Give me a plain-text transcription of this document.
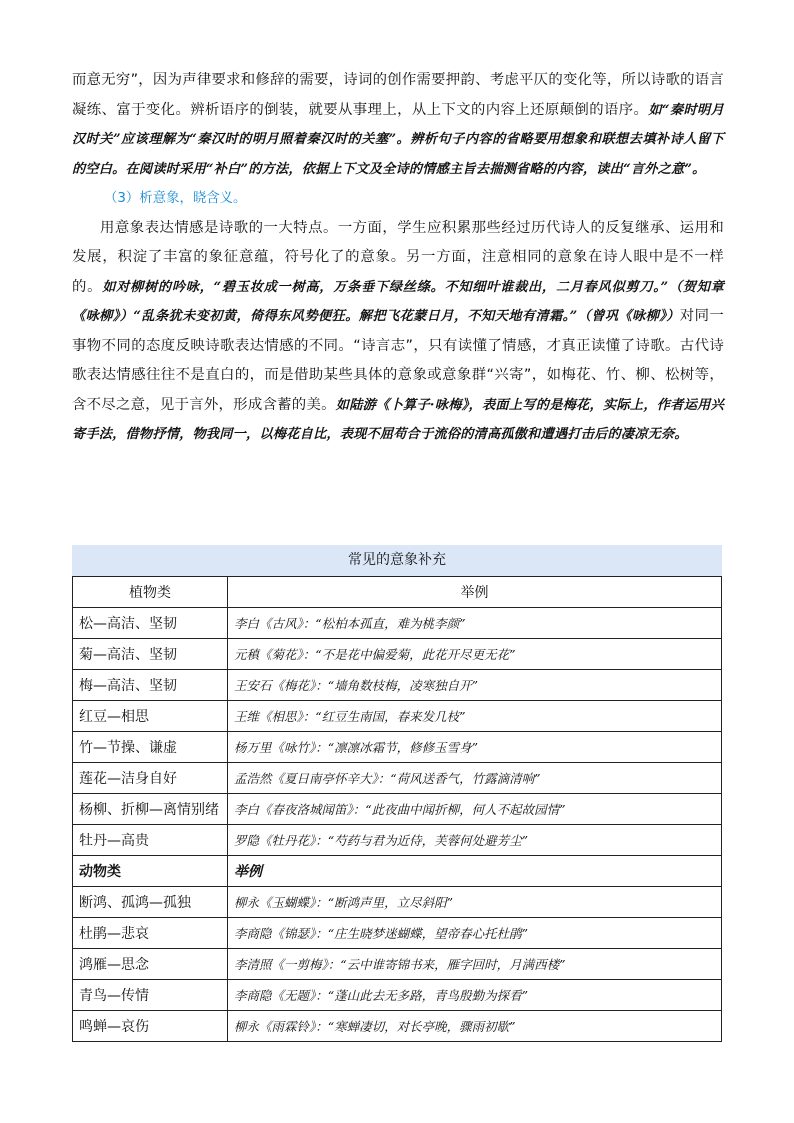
而意无穷”，因为声律要求和修辞的需要，诗词的创作需要押韵、考虑平仄的变化等，所以诗歌的语言凝练、富于变化。辨析语序的倒装，就要从事理上，从上下文的内容上还原颠倒的语序。如“秦时明月汉时关”应该理解为“秦汉时的明月照着秦汉时的关塞”。辨析句子内容的省略要用想象和联想去填补诗人留下的空白。在阅读时采用“补白”的方法，依据上下文及全诗的情感主旨去揣测省略的内容，读出“言外之意”。

（3）析意象，晓含义。

用意象表达情感是诗歌的一大特点。一方面，学生应积累那些经过历代诗人的反复继承、运用和发展，积淀了丰富的象征意蕴，符号化了的意象。另一方面，注意相同的意象在诗人眼中是不一样的。如对柳树的吟咏，“碧玉妆成一树高，万条垂下绿丝绦。不知细叶谁裁出，二月春风似剪刀。”（贺知章《咏柳》）“乱条犹未变初黄，倚得东风势便狂。解把飞花蒙日月，不知天地有清霜。”（曾巩《咏柳》）对同一事物不同的态度反映诗歌表达情感的不同。“诗言志”，只有读懂了情感，才真正读懂了诗歌。古代诗歌表达情感往往不是直白的，而是借助某些具体的意象或意象群“兴寄”，如梅花、竹、柳、松树等，含不尽之意，见于言外，形成含蓄的美。如陆游《卜算子·咏梅》，表面上写的是梅花，实际上，作者运用兴寄手法，借物抒情，物我同一，以梅花自比，表现不屈苟合于流俗的清高孤傲和遭遇打击后的凄凉无奈。

常见的意象补充
植物类	举例
松—高洁、坚韧	李白《古风》：“松柏本孤直，难为桃李颜”
菊—高洁、坚韧	元稹《菊花》：“不是花中偏爱菊，此花开尽更无花”
梅—高洁、坚韧	王安石《梅花》：“墙角数枝梅，凌寒独自开”
红豆—相思	王维《相思》：“红豆生南国，春来发几枝”
竹—节操、谦虚	杨万里《咏竹》：“凛凛冰霜节，修修玉雪身”
莲花—洁身自好	孟浩然《夏日南亭怀辛大》：“荷风送香气，竹露滴清响”
杨柳、折柳—离情别绪	李白《春夜洛城闻笛》：“此夜曲中闻折柳，何人不起故园情”
牡丹—高贵	罗隐《牡丹花》：“芍药与君为近侍，芙蓉何处避芳尘”
动物类	举例
断鸿、孤鸿—孤独	柳永《玉蝴蝶》：“断鸿声里，立尽斜阳”
杜鹃—悲哀	李商隐《锦瑟》：“庄生晓梦迷蝴蝶，望帝春心托杜鹃”
鸿雁—思念	李清照《一剪梅》：“云中谁寄锦书来，雁字回时，月满西楼”
青鸟—传情	李商隐《无题》：“蓬山此去无多路，青鸟殷勤为探看”
鸣蝉—哀伤	柳永《雨霖铃》：“寒蝉凄切，对长亭晚，骤雨初歇”
